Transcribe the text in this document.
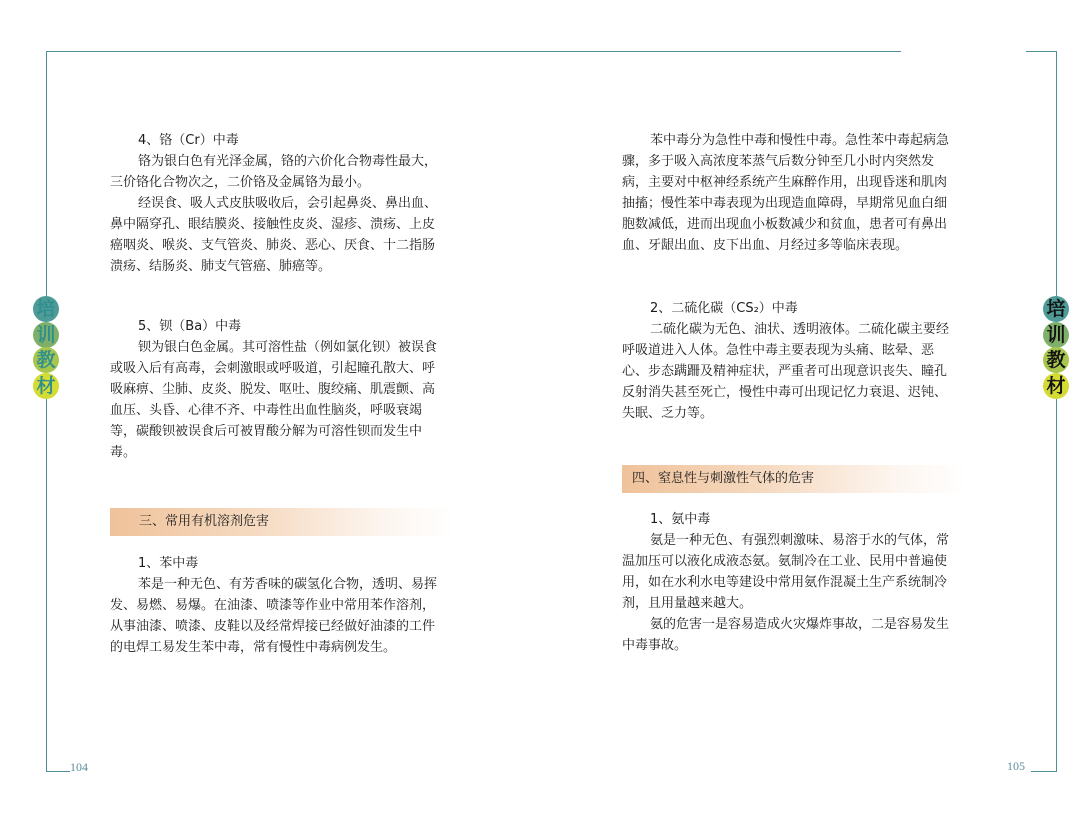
104	105
4、铬（Cr）中毒
铬为银白色有光泽金属，铬的六价化合物毒性最大，
三价铬化合物次之，二价铬及金属铬为最小。
经误食、吸人式皮肤吸收后，会引起鼻炎、鼻出血、
鼻中隔穿孔、眼结膜炎、接触性皮炎、湿疹、溃疡、上皮
癌咽炎、喉炎、支气管炎、肺炎、恶心、厌食、十二指肠
溃疡、结肠炎、肺支气管癌、肺癌等。
5、钡（Ba）中毒
钡为银白色金属。其可溶性盐（例如氯化钡）被误食
或吸入后有高毒，会刺激眼或呼吸道，引起瞳孔散大、呼
吸麻痹、尘肺、皮炎、脱发、呕吐、腹绞痛、肌震颤、高
血压、头昏、心律不齐、中毒性出血性脑炎，呼吸衰竭
等，碳酸钡被误食后可被胃酸分解为可溶性钡而发生中
毒。
三、常用有机溶剂危害
1、苯中毒
苯是一种无色、有芳香味的碳氢化合物，透明、易挥
发、易燃、易爆。在油漆、喷漆等作业中常用苯作溶剂，
从事油漆、喷漆、皮鞋以及经常焊接已经做好油漆的工件
的电焊工易发生苯中毒，常有慢性中毒病例发生。
苯中毒分为急性中毒和慢性中毒。急性苯中毒起病急
骤，多于吸入高浓度苯蒸气后数分钟至几小时内突然发
病，主要对中枢神经系统产生麻醉作用，出现昏迷和肌肉
抽搐；慢性苯中毒表现为出现造血障碍，早期常见血白细
胞数减低，进而出现血小板数减少和贫血，患者可有鼻出
血、牙龈出血、皮下出血、月经过多等临床表现。
2、二硫化碳（CS₂）中毒
二硫化碳为无色、油状、透明液体。二硫化碳主要经
呼吸道进入人体。急性中毒主要表现为头痛、眩晕、恶
心、步态蹒跚及精神症状，严重者可出现意识丧失、瞳孔
反射消失甚至死亡，慢性中毒可出现记忆力衰退、迟钝、
失眠、乏力等。
四、窒息性与刺激性气体的危害
1、氨中毒
氨是一种无色、有强烈刺激味、易溶于水的气体，常
温加压可以液化成液态氨。氨制冷在工业、民用中普遍使
用，如在水利水电等建设中常用氨作混凝土生产系统制冷
剂，且用量越来越大。
氨的危害一是容易造成火灾爆炸事故，二是容易发生
中毒事故。
培
训
教
材
培
训
教
材
